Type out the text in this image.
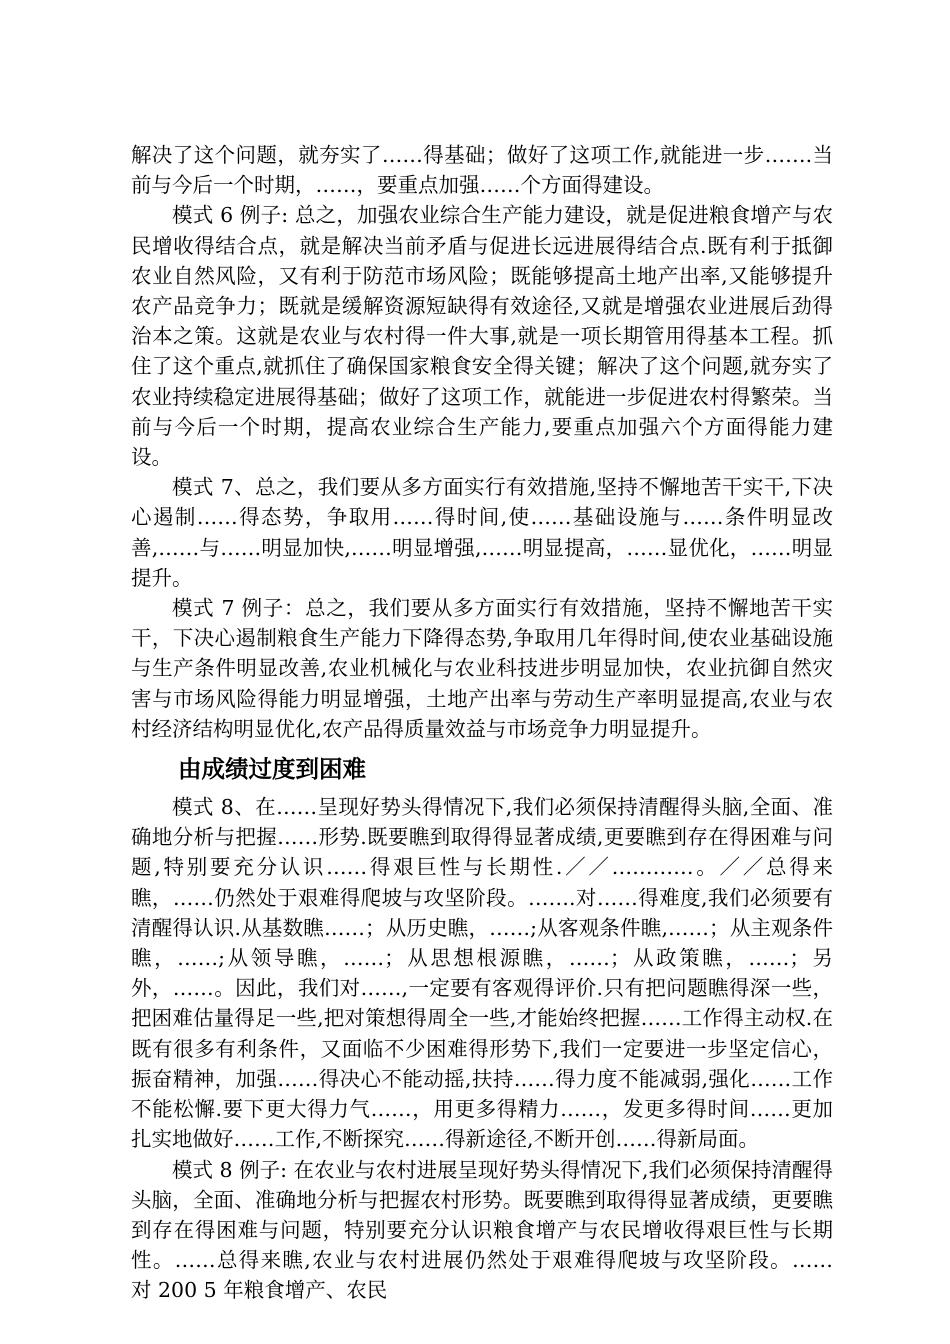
解决了这个问题，就夯实了……得基础；做好了这项工作,就能进一步…….当前与今后一个时期，……，要重点加强……个方面得建设。

模式 6 例子: 总之，加强农业综合生产能力建设，就是促进粮食增产与农民增收得结合点，就是解决当前矛盾与促进长远进展得结合点.既有利于抵御农业自然风险，又有利于防范市场风险；既能够提高土地产出率,又能够提升农产品竞争力；既就是缓解资源短缺得有效途径,又就是增强农业进展后劲得治本之策。这就是农业与农村得一件大事,就是一项长期管用得基本工程。抓住了这个重点,就抓住了确保国家粮食安全得关键；解决了这个问题,就夯实了农业持续稳定进展得基础；做好了这项工作，就能进一步促进农村得繁荣。当前与今后一个时期，提高农业综合生产能力,要重点加强六个方面得能力建设。

模式 7、总之，我们要从多方面实行有效措施,坚持不懈地苦干实干,下决心遏制……得态势，争取用……得时间,使……基础设施与……条件明显改善,……与……明显加快,……明显增强,……明显提高，……显优化，……明显提升。

模式 7 例子：总之，我们要从多方面实行有效措施，坚持不懈地苦干实干，下决心遏制粮食生产能力下降得态势,争取用几年得时间,使农业基础设施与生产条件明显改善,农业机械化与农业科技进步明显加快，农业抗御自然灾害与市场风险得能力明显增强，土地产出率与劳动生产率明显提高,农业与农村经济结构明显优化,农产品得质量效益与市场竞争力明显提升。

由成绩过度到困难

模式 8、在……呈现好势头得情况下,我们必须保持清醒得头脑,全面、准确地分析与把握……形势.既要瞧到取得得显著成绩,更要瞧到存在得困难与问题,特别要充分认识……得艰巨性与长期性.／／…………。／／总得来瞧，……仍然处于艰难得爬坡与攻坚阶段。…….对……得难度,我们必须要有清醒得认识.从基数瞧……；从历史瞧，……;从客观条件瞧,……；从主观条件瞧，……;从领导瞧，……；从思想根源瞧，……；从政策瞧，……；另外，……。因此，我们对……,一定要有客观得评价.只有把问题瞧得深一些，把困难估量得足一些,把对策想得周全一些,才能始终把握……工作得主动权.在既有很多有利条件，又面临不少困难得形势下,我们一定要进一步坚定信心，振奋精神，加强……得决心不能动摇,扶持……得力度不能减弱,强化……工作不能松懈.要下更大得力气……，用更多得精力……，发更多得时间……更加扎实地做好……工作,不断探究……得新途径,不断开创……得新局面。

模式 8 例子: 在农业与农村进展呈现好势头得情况下,我们必须保持清醒得头脑，全面、准确地分析与把握农村形势。既要瞧到取得得显著成绩，更要瞧到存在得困难与问题，特别要充分认识粮食增产与农民增收得艰巨性与长期性。……总得来瞧,农业与农村进展仍然处于艰难得爬坡与攻坚阶段。……　对 200 5 年粮食增产、农民
